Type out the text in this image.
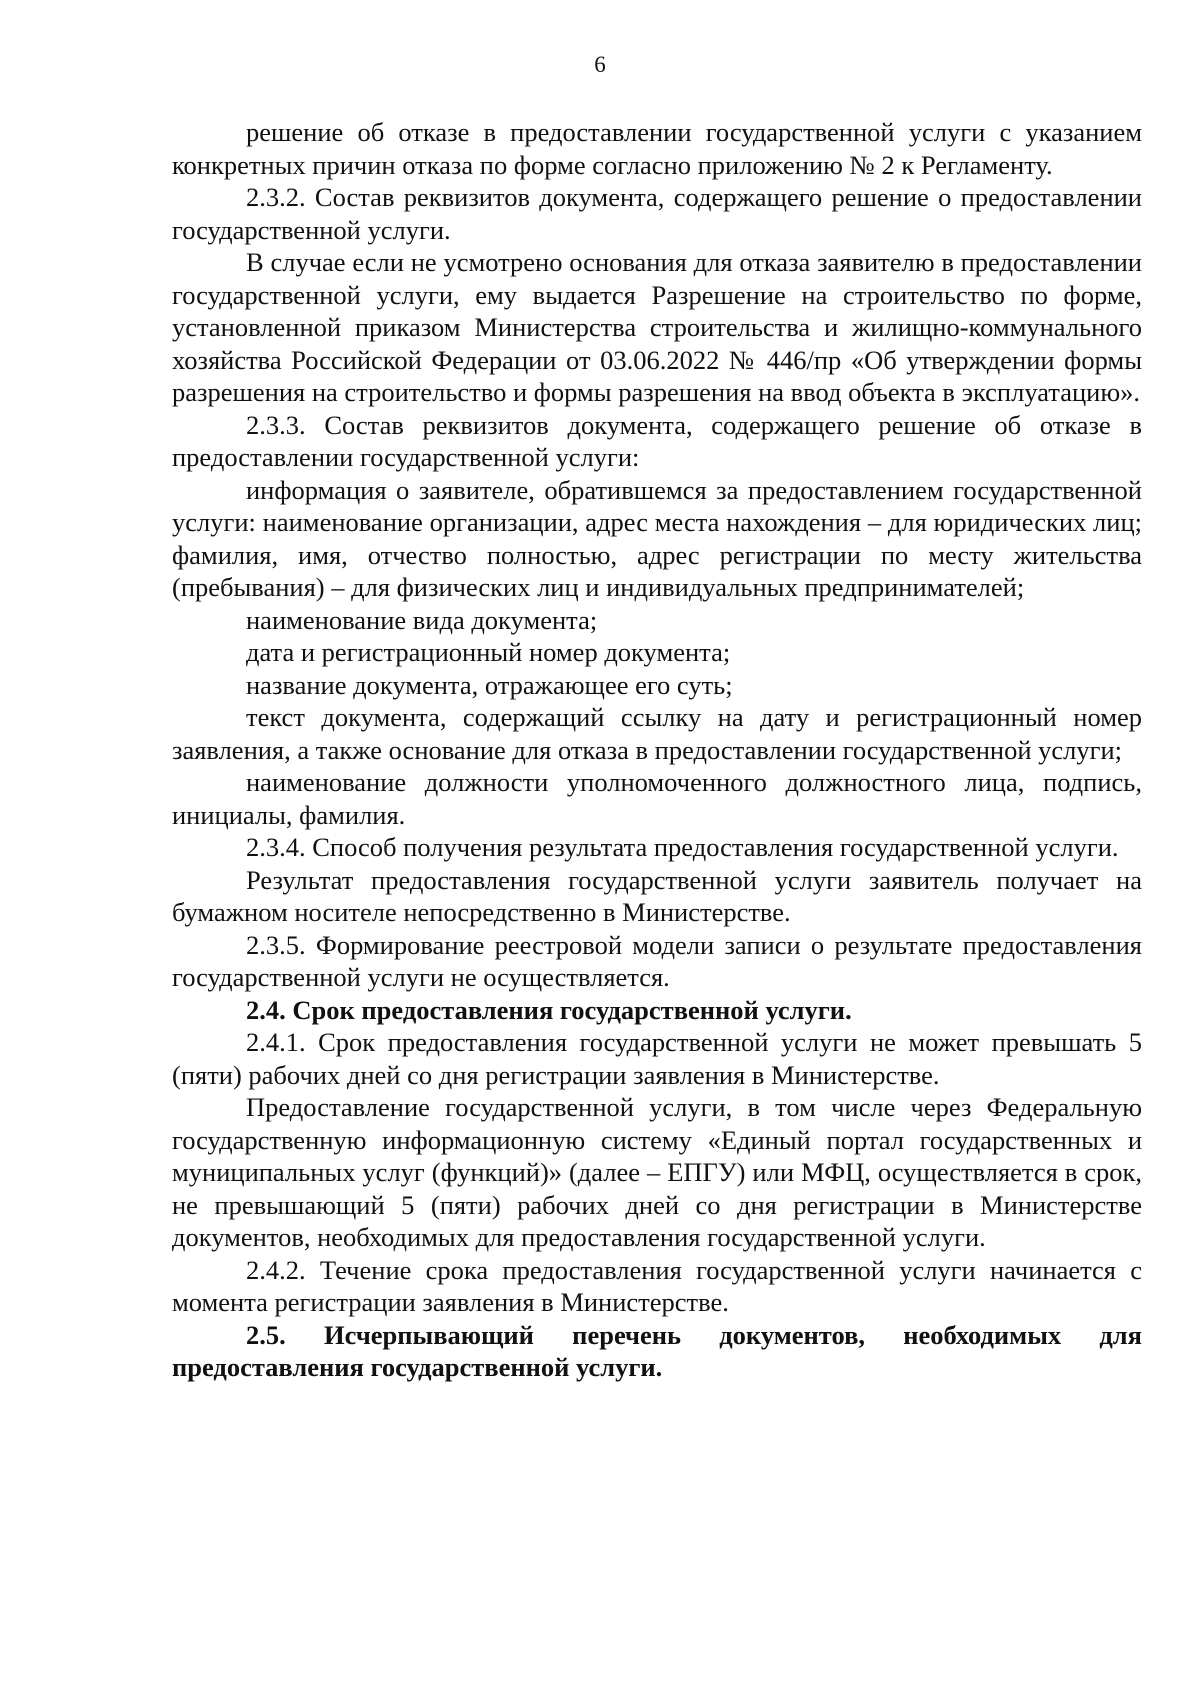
6

решение об отказе в предоставлении государственной услуги с указанием конкретных причин отказа по форме согласно приложению № 2 к Регламенту.

2.3.2. Состав реквизитов документа, содержащего решение о предоставлении государственной услуги.

В случае если не усмотрено основания для отказа заявителю в предоставлении государственной услуги, ему выдается Разрешение на строительство по форме, установленной приказом Министерства строительства и жилищно-коммунального хозяйства Российской Федерации от 03.06.2022 № 446/пр «Об утверждении формы разрешения на строительство и формы разрешения на ввод объекта в эксплуатацию».

2.3.3. Состав реквизитов документа, содержащего решение об отказе в предоставлении государственной услуги:

информация о заявителе, обратившемся за предоставлением государственной услуги: наименование организации, адрес места нахождения – для юридических лиц; фамилия, имя, отчество полностью, адрес регистрации по месту жительства (пребывания) – для физических лиц и индивидуальных предпринимателей;

наименование вида документа;

дата и регистрационный номер документа;

название документа, отражающее его суть;

текст документа, содержащий ссылку на дату и регистрационный номер заявления, а также основание для отказа в предоставлении государственной услуги;

наименование должности уполномоченного должностного лица, подпись, инициалы, фамилия.

2.3.4. Способ получения результата предоставления государственной услуги.

Результат предоставления государственной услуги заявитель получает на бумажном носителе непосредственно в Министерстве.

2.3.5. Формирование реестровой модели записи о результате предоставления государственной услуги не осуществляется.

2.4. Срок предоставления государственной услуги.

2.4.1. Срок предоставления государственной услуги не может превышать 5 (пяти) рабочих дней со дня регистрации заявления в Министерстве.

Предоставление государственной услуги, в том числе через Федеральную государственную информационную систему «Единый портал государственных и муниципальных услуг (функций)» (далее – ЕПГУ) или МФЦ, осуществляется в срок, не превышающий 5 (пяти) рабочих дней со дня регистрации в Министерстве документов, необходимых для предоставления государственной услуги.

2.4.2. Течение срока предоставления государственной услуги начинается с момента регистрации заявления в Министерстве.

2.5. Исчерпывающий перечень документов, необходимых для предоставления государственной услуги.
